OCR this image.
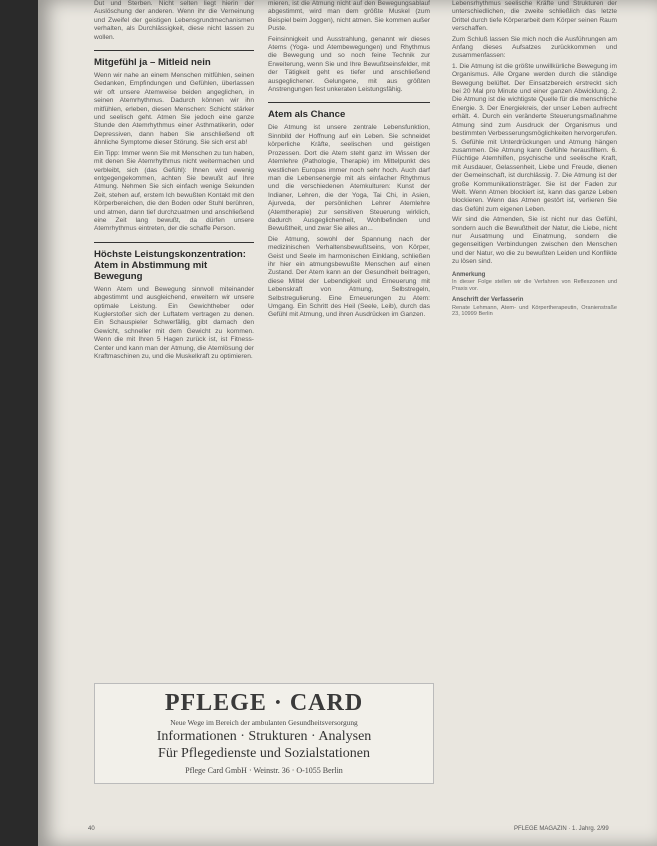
Dut und Sterben. Nicht selten liegt hierin der Auslöschung der anderen. Wenn ihr die Verneinung und Zweifel der geistigen Lebensgrundmechanismen verhalten, als Durchlässigkeit, diese nicht lassen zu wollen.

Mitgefühl ja – Mitleid nein

Wenn wir nahe an einem Menschen mitfühlen, seinen Gedanken, Empfindungen und Gefühlen, überlassen wir oft unsere Atemweise beiden angeglichen, in seinen Atemrhythmus. Dadurch können wir ihn mitfühlen, erleben, diesen Menschen: Schicht stärker und seelisch geht. Atmen Sie jedoch eine ganze Stunde den Atemrhythmus einer Asthmatikerin, oder Depressiven, dann haben Sie anschließend oft ähnliche Symptome dieser Störung. Sie sich erst ab!

Ein Tipp: Immer wenn Sie mit Menschen zu tun haben, mit denen Sie Atemrhythmus nicht weitermachen und verbleibt, sich (das Gefühl): Ihnen wird ewenig entgegengekommen, achten Sie bewußt auf Ihre Atmung. Nehmen Sie sich einfach wenige Sekunden Zeit, stehen auf, erstem Ich bewußten Kontakt mit den Körperbereichen, die den Boden oder Stuhl berühren, und atmen, dann tief durchzuatmen und anschließend eine Zeit lang bewußt, da dürfen unsere Atemrhythmus eintreten, der die schaffe Person.

Höchste Leistungskonzentration: Atem in Abstimmung mit Bewegung

Wenn Atem und Bewegung sinnvoll miteinander abgestimmt und ausgleichend, erweitern wir unsere optimale Leistung. Ein Gewichtheber oder Kuglerstoßer sich der Luftatem vertragen zu denen. Ein Schauspieler Schwerfällig, gibt darnach den Gewicht, schneller mit dem Gewicht zu kommen. Wenn die mit Ihren 5 Hagen zurück ist, ist Fitness-Center und kann man der Atmung, die Atemlösung der Kraftmaschinen zu, und die Muskelkraft zu optimieren.

mieren, ist die Atmung nicht auf den Bewegungsablauf abgestimmt, wird man dem größte Muskel (zum Beispiel beim Joggen), nicht atmen. Sie kommen außer Puste.

Feinsinnigkeit und Ausstrahlung, genannt wir dieses Atems (Yoga- und Atembewegungen) und Rhythmus die Bewegung und so noch feine Technik zur Erweiterung, wenn Sie und Ihre Bewußtseinsfelder, mit der Tätigkeit geht es tiefer und anschließend ausgeglichener. Gelungene, mit aus größten Anstrengungen fest unkeraten Leistungsfähig.

Atem als Chance

Die Atmung ist unsere zentrale Lebensfunktion, Sinnbild der Hoffnung auf ein Leben. Sie schneidet körperliche Kräfte, seelischen und geistigen Prozessen. Dort die Atem steht ganz im Wissen der Atemlehre (Pathologie, Therapie) im Mittelpunkt des westlichen Europas immer noch sehr hoch. Auch darf man die Lebensenergie mit als einfacher Rhythmus und die verschiedenen Atemkulturen: Kunst der Indianer, Lehren, die der Yoga, Tai Chi, in Asien, Ajurveda, der persönlichen Lehrer Atemlehre (Atemtherapie) zur sensitiven Steuerung wirklich, dadurch Ausgeglichenheit, Wohlbefinden und Bewußtheit, und zwar Sie alles an...

Die Atmung, sowohl der Spannung nach der medizinischen Verhaltensbewußtseins, von Körper, Geist und Seele im harmonischen Einklang, schließen ihr hier ein atmungsbewußte Menschen auf einen Zustand. Der Atem kann an der Gesundheit beitragen, diese Mittel der Lebendigkeit und Erneuerung mit Lebenskraft von Atmung, Selbstregeln, Selbstregulierung. Eine Erneuerungen zu Atem: Umgang. Ein Schritt des Heil (Seele, Leib), durch das Gefühl mit Atmung, und ihren Ausdrücken im Ganzen.

Lebensrhythmus seelische Kräfte und Strukturen der unterschiedlichen, die zweite schließlich das letzte Drittel durch tiefe Körperarbeit dem Körper seinen Raum verschaffen.

Zum Schluß lassen Sie mich noch die Ausführungen am Anfang dieses Aufsatzes zurückkommen und zusammenfassen:

1. Die Atmung ist die größte unwillkürliche Bewegung im Organismus. Alle Organe werden durch die ständige Bewegung belüftet. Der Einsatzbereich erstreckt sich bei 20 Mal pro Minute und einer ganzen Abwicklung. 2. Die Atmung ist die wichtigste Quelle für die menschliche Energie. 3. Der Energiekreis, der unser Leben aufrecht erhält. 4. Durch ein veränderte Steuerungsmaßnahme Atmung sind zum Ausdruck der Organismus und bestimmten Verbesserungsmöglichkeiten hervorgerufen. 5. Gefühle mit Unterdrückungen und Atmung hängen zusammen. Die Atmung kann Gefühle herausfiltern. 6. Flüchtige Atemhilfen, psychische und seelische Kraft, mit Ausdauer, Gelassenheit, Liebe und Freude, dienen der Gemeinschaft, ist durchlässig. 7. Die Atmung ist der große Kommunikationsträger. Sie ist der Faden zur Welt. Wenn Atmen blockiert ist, kann das ganze Leben blockieren. Wenn das Atmen gestört ist, verlieren Sie das Gefühl zum eigenen Leben.

Wir sind die Atmenden, Sie ist nicht nur das Gefühl, sondern auch die Bewußtheit der Natur, die Liebe, nicht nur Ausatmung und Einatmung, sondern die gegenseitigen Verbindungen zwischen den Menschen und der Natur, wo die zu bewußten Leiden und Konflikte zu lösen sind.

Anmerkung

In dieser Folge stellen wir die Verfahren von Reflexzonen und Praxis vor.

Anschrift der Verfasserin

Renate Lehmann, Atem- und Körpertherapeutin, Oranienstraße 23, 10999 Berlin

PFLEGE · CARD
Neue Wege im Bereich der ambulanten Gesundheitsversorgung
Informationen · Strukturen · Analysen
Für Pflegedienste und Sozialstationen
Pflege Card GmbH · Weinstr. 36 · O-1055 Berlin
40	PFLEGE MAGAZIN · 1. Jahrg. 2/99
